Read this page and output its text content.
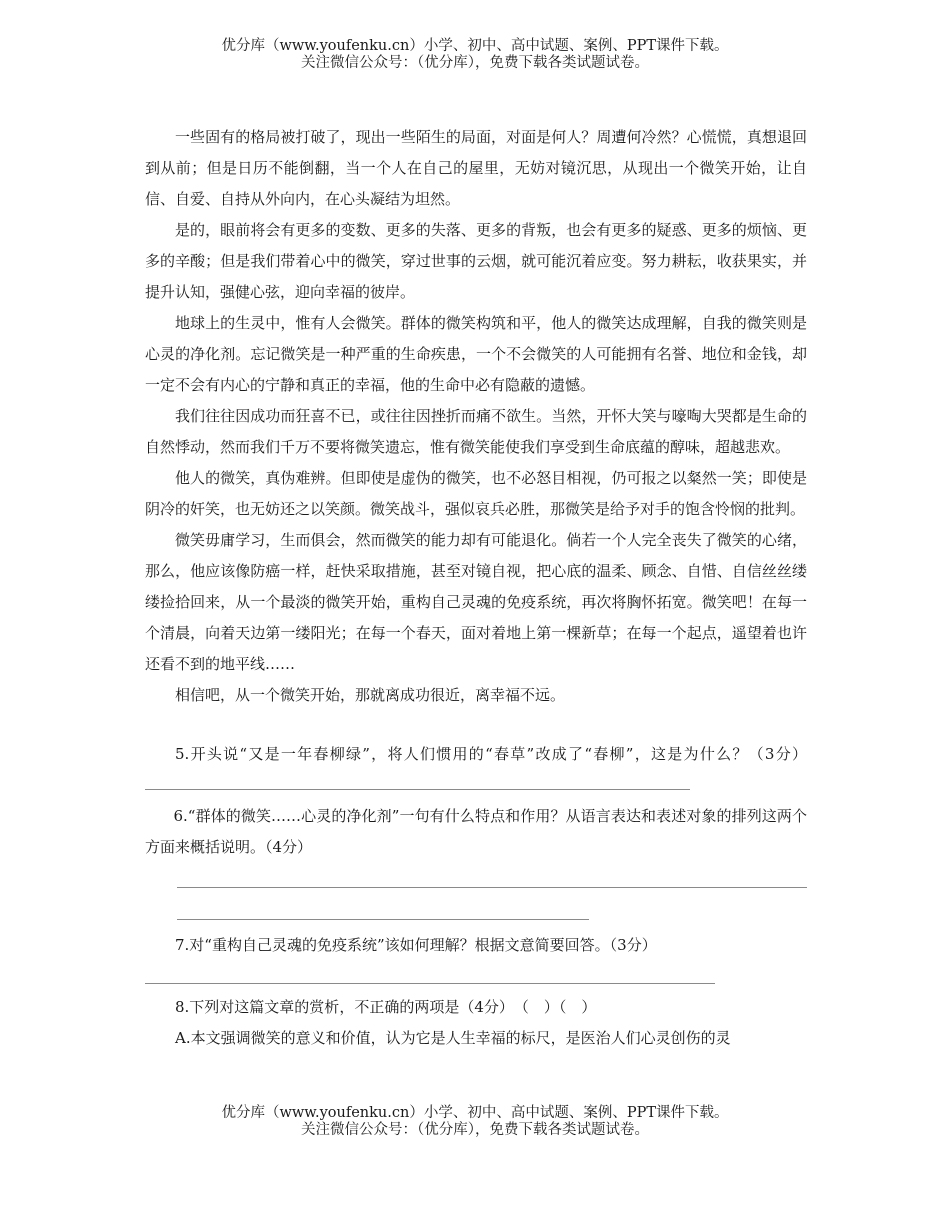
优分库（www.youfenku.cn）小学、初中、高中试题、案例、PPT课件下载。
关注微信公众号：（优分库），免费下载各类试题试卷。

一些固有的格局被打破了，现出一些陌生的局面，对面是何人？周遭何冷然？心慌慌，真想退回到从前；但是日历不能倒翻，当一个人在自己的屋里，无妨对镜沉思，从现出一个微笑开始，让自信、自爱、自持从外向内，在心头凝结为坦然。

是的，眼前将会有更多的变数、更多的失落、更多的背叛，也会有更多的疑惑、更多的烦恼、更多的辛酸；但是我们带着心中的微笑，穿过世事的云烟，就可能沉着应变。努力耕耘，收获果实，并提升认知，强健心弦，迎向幸福的彼岸。

地球上的生灵中，惟有人会微笑。群体的微笑构筑和平，他人的微笑达成理解，自我的微笑则是心灵的净化剂。忘记微笑是一种严重的生命疾患，一个不会微笑的人可能拥有名誉、地位和金钱，却一定不会有内心的宁静和真正的幸福，他的生命中必有隐蔽的遗憾。

我们往往因成功而狂喜不已，或往往因挫折而痛不欲生。当然，开怀大笑与嚎啕大哭都是生命的自然悸动，然而我们千万不要将微笑遗忘，惟有微笑能使我们享受到生命底蕴的醇味，超越悲欢。

他人的微笑，真伪难辨。但即使是虚伪的微笑，也不必怒目相视，仍可报之以粲然一笑；即使是阴冷的奸笑，也无妨还之以笑颜。微笑战斗，强似哀兵必胜，那微笑是给予对手的饱含怜悯的批判。

微笑毋庸学习，生而俱会，然而微笑的能力却有可能退化。倘若一个人完全丧失了微笑的心绪，那么，他应该像防癌一样，赶快采取措施，甚至对镜自视，把心底的温柔、顾念、自惜、自信丝丝缕缕捡拾回来，从一个最淡的微笑开始，重构自己灵魂的免疫系统，再次将胸怀拓宽。微笑吧！在每一个清晨，向着天边第一缕阳光；在每一个春天，面对着地上第一棵新草；在每一个起点，遥望着也许还看不到的地平线……

相信吧，从一个微笑开始，那就离成功很近，离幸福不远。

5.开头说“又是一年春柳绿”，将人们惯用的“春草”改成了“春柳”，这是为什么？（3分）

6.“群体的微笑……心灵的净化剂”一句有什么特点和作用？从语言表达和表述对象的排列这两个方面来概括说明。（4分）

7.对“重构自己灵魂的免疫系统”该如何理解？根据文意简要回答。（3分）

8.下列对这篇文章的赏析，不正确的两项是（4分）　（　）（　）

A.本文强调微笑的意义和价值，认为它是人生幸福的标尺，是医治人们心灵创伤的灵

优分库（www.youfenku.cn）小学、初中、高中试题、案例、PPT课件下载。
关注微信公众号：（优分库），免费下载各类试题试卷。
